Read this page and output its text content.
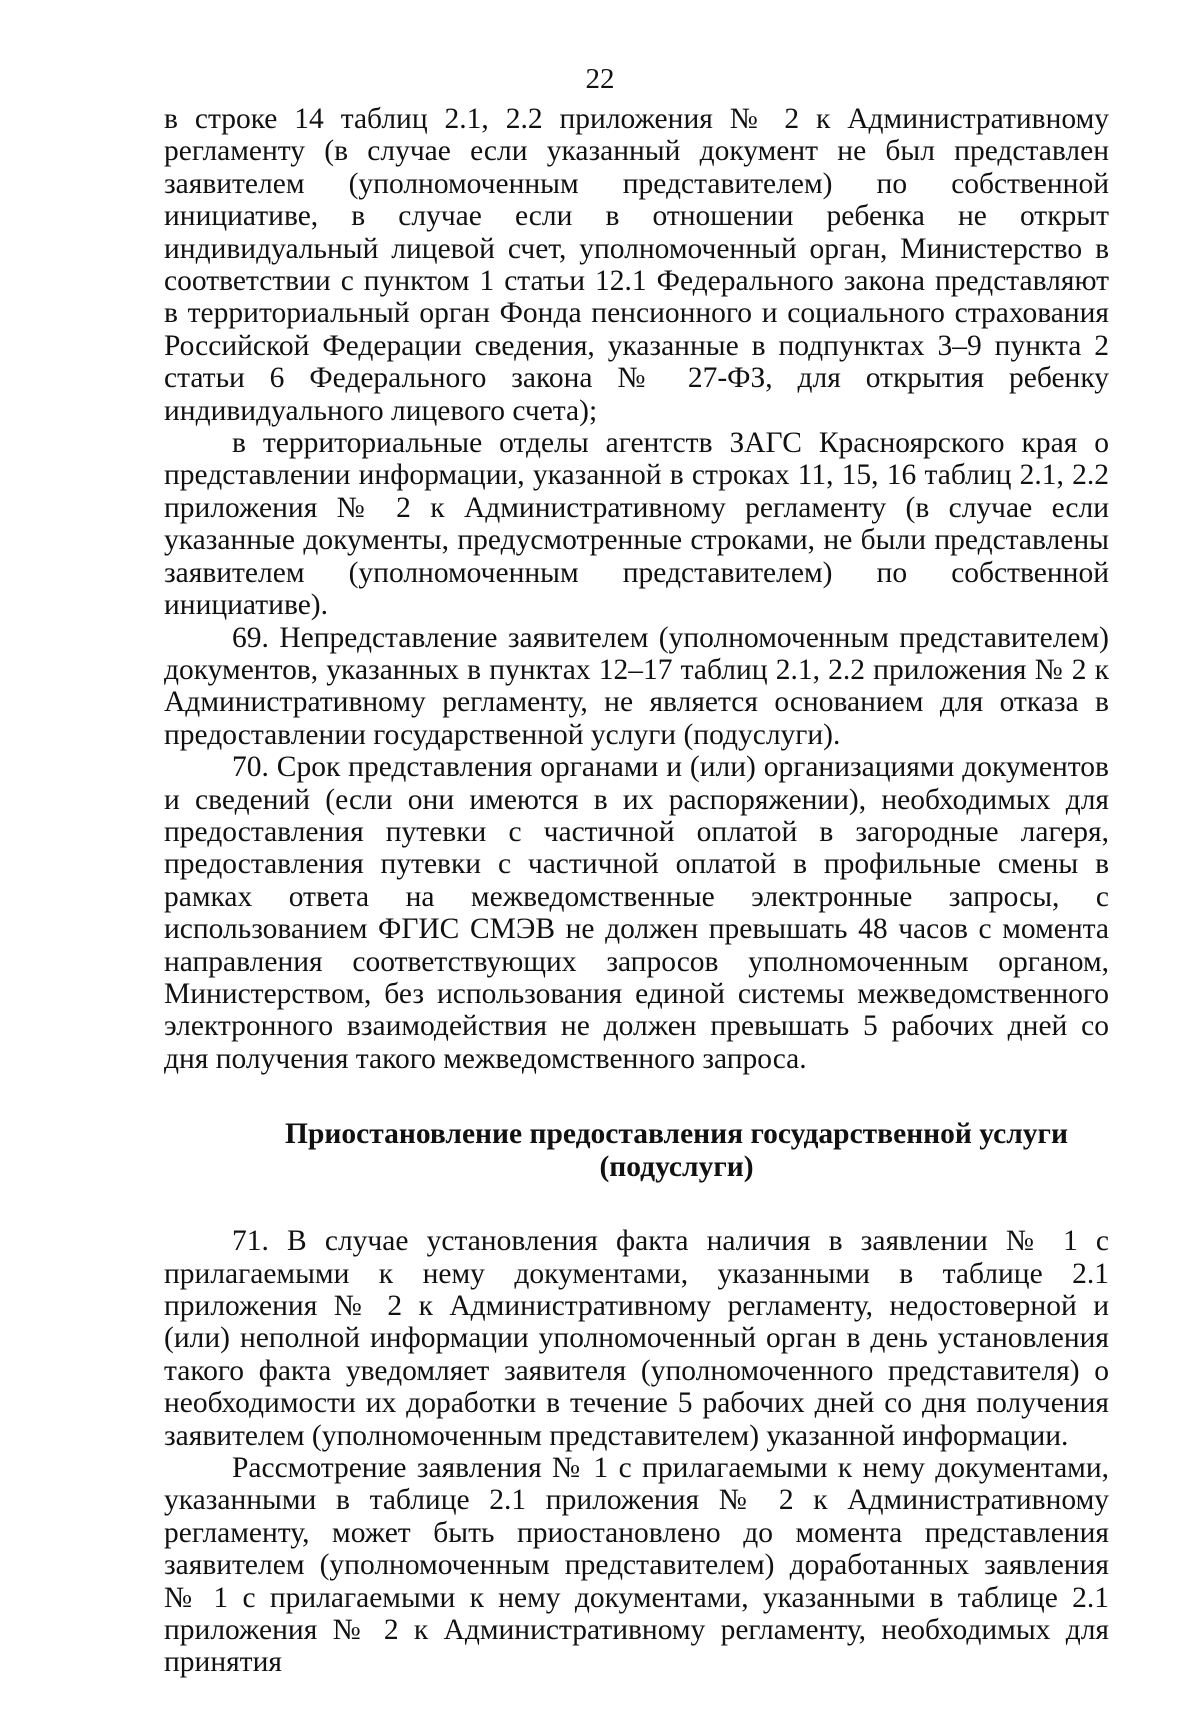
22

в строке 14 таблиц 2.1, 2.2 приложения № 2 к Административному регламенту (в случае если указанный документ не был представлен заявителем (уполномоченным представителем) по собственной инициативе, в случае если в отношении ребенка не открыт индивидуальный лицевой счет, уполномоченный орган, Министерство в соответствии с пунктом 1 статьи 12.1 Федерального закона представляют в территориальный орган Фонда пенсионного и социального страхования Российской Федерации сведения, указанные в подпунктах 3–9 пункта 2 статьи 6 Федерального закона № 27-ФЗ, для открытия ребенку индивидуального лицевого счета);

в территориальные отделы агентств ЗАГС Красноярского края о представлении информации, указанной в строках 11, 15, 16 таблиц 2.1, 2.2 приложения № 2 к Административному регламенту (в случае если указанные документы, предусмотренные строками, не были представлены заявителем (уполномоченным представителем) по собственной инициативе).

69. Непредставление заявителем (уполномоченным представителем) документов, указанных в пунктах 12–17 таблиц 2.1, 2.2 приложения № 2 к Административному регламенту, не является основанием для отказа в предоставлении государственной услуги (подуслуги).

70. Срок представления органами и (или) организациями документов и сведений (если они имеются в их распоряжении), необходимых для предоставления путевки с частичной оплатой в загородные лагеря, предоставления путевки с частичной оплатой в профильные смены в рамках ответа на межведомственные электронные запросы, с использованием ФГИС СМЭВ не должен превышать 48 часов с момента направления соответствующих запросов уполномоченным органом, Министерством, без использования единой системы межведомственного электронного взаимодействия не должен превышать 5 рабочих дней со дня получения такого межведомственного запроса.

Приостановление предоставления государственной услуги
(подуслуги)

71. В случае установления факта наличия в заявлении № 1 с прилагаемыми к нему документами, указанными в таблице 2.1 приложения № 2 к Административному регламенту, недостоверной и (или) неполной информации уполномоченный орган в день установления такого факта уведомляет заявителя (уполномоченного представителя) о необходимости их доработки в течение 5 рабочих дней со дня получения заявителем (уполномоченным представителем) указанной информации.

Рассмотрение заявления № 1 с прилагаемыми к нему документами, указанными в таблице 2.1 приложения № 2 к Административному регламенту, может быть приостановлено до момента представления заявителем (уполномоченным представителем) доработанных заявления № 1 с прилагаемыми к нему документами, указанными в таблице 2.1 приложения № 2 к Административному регламенту, необходимых для принятия
